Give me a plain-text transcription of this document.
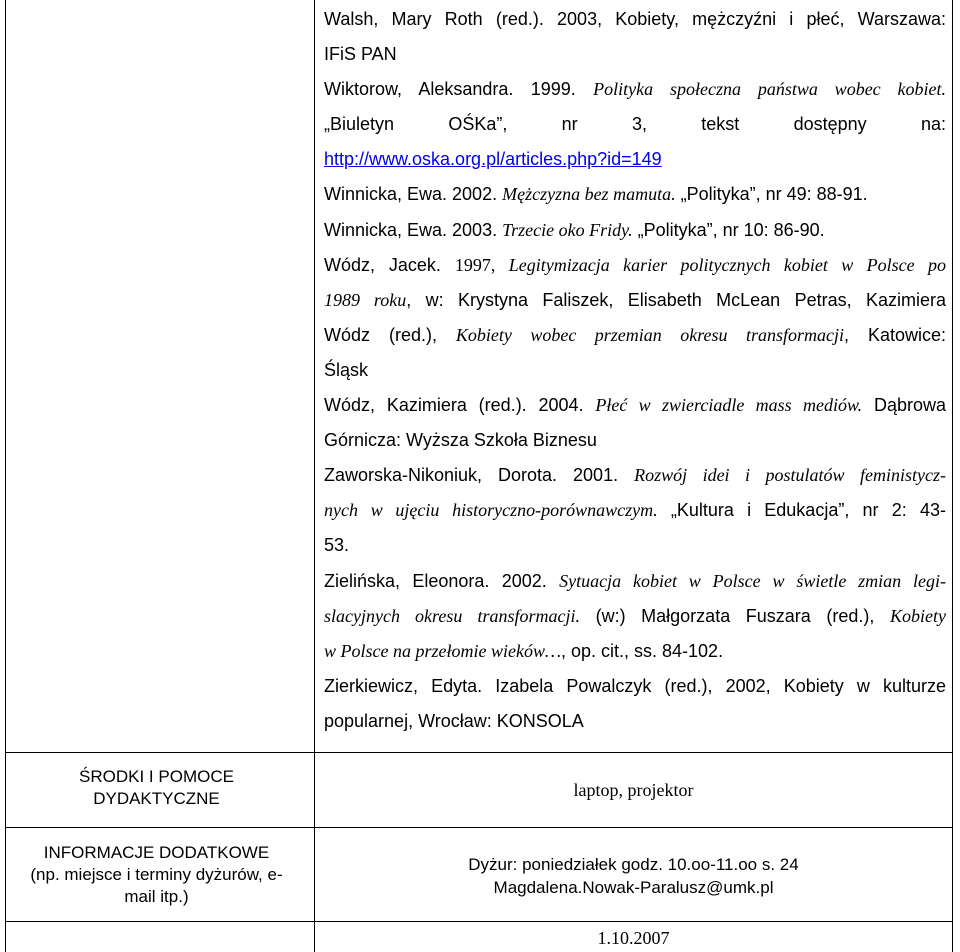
Walsh, Mary Roth (red.). 2003, Kobiety, mężczyźni i płeć, Warszawa:
IFiS PAN
Wiktorow, Aleksandra. 1999. Polityka społeczna państwa wobec kobiet.
„Biuletyn OŚKa”, nr 3, tekst dostępny na:
http://www.oska.org.pl/articles.php?id=149
Winnicka, Ewa. 2002. Mężczyzna bez mamuta. „Polityka”, nr 49: 88-91.
Winnicka, Ewa. 2003. Trzecie oko Fridy. „Polityka”, nr 10: 86-90.
Wódz, Jacek. 1997, Legitymizacja karier politycznych kobiet w Polsce po
1989 roku, w: Krystyna Faliszek, Elisabeth McLean Petras, Kazimiera
Wódz (red.), Kobiety wobec przemian okresu transformacji, Katowice:
Śląsk
Wódz, Kazimiera (red.). 2004. Płeć w zwierciadle mass mediów. Dąbrowa
Górnicza: Wyższa Szkoła Biznesu
Zaworska-Nikoniuk, Dorota. 2001. Rozwój idei i postulatów feministycz-
nych w ujęciu historyczno-porównawczym. „Kultura i Edukacja”, nr 2: 43-
53.
Zielińska, Eleonora. 2002. Sytuacja kobiet w Polsce w świetle zmian legi-
slacyjnych okresu transformacji. (w:) Małgorzata Fuszara (red.), Kobiety
w Polsce na przełomie wieków…, op. cit., ss. 84-102.
Zierkiewicz, Edyta. Izabela Powalczyk (red.), 2002, Kobiety w kulturze
popularnej, Wrocław: KONSOLA
ŚRODKI I POMOCE
DYDAKTYCZNE	laptop, projektor
INFORMACJE DODATKOWE
(np. miejsce i terminy dyżurów, e-
mail itp.)
Dyżur: poniedziałek godz. 10.oo-11.oo s. 24
Magdalena.Nowak-Paralusz@umk.pl
1.10.2007
